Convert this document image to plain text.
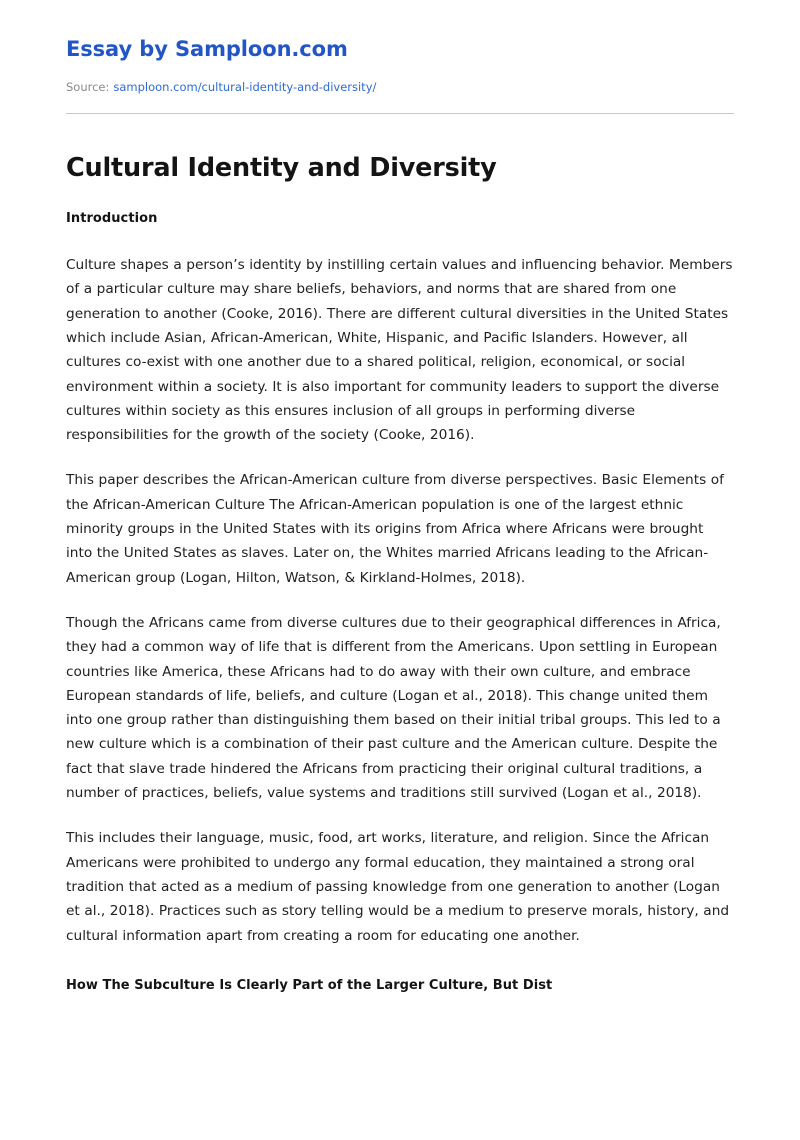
Essay by Samploon.com
Source: samploon.com/cultural-identity-and-diversity/
Cultural Identity and Diversity
Introduction

Culture shapes a person’s identity by instilling certain values and influencing behavior. Members of a particular culture may share beliefs, behaviors, and norms that are shared from one generation to another (Cooke, 2016). There are different cultural diversities in the United States which include Asian, African-American, White, Hispanic, and Pacific Islanders. However, all cultures co-exist with one another due to a shared political, religion, economical, or social environment within a society. It is also important for community leaders to support the diverse cultures within society as this ensures inclusion of all groups in performing diverse responsibilities for the growth of the society (Cooke, 2016).

This paper describes the African-American culture from diverse perspectives. Basic Elements of the African-American Culture The African-American population is one of the largest ethnic minority groups in the United States with its origins from Africa where Africans were brought into the United States as slaves. Later on, the Whites married Africans leading to the African-American group (Logan, Hilton, Watson, & Kirkland-Holmes, 2018).

Though the Africans came from diverse cultures due to their geographical differences in Africa, they had a common way of life that is different from the Americans. Upon settling in European countries like America, these Africans had to do away with their own culture, and embrace European standards of life, beliefs, and culture (Logan et al., 2018). This change united them into one group rather than distinguishing them based on their initial tribal groups. This led to a new culture which is a combination of their past culture and the American culture. Despite the fact that slave trade hindered the Africans from practicing their original cultural traditions, a number of practices, beliefs, value systems and traditions still survived (Logan et al., 2018).

This includes their language, music, food, art works, literature, and religion. Since the African Americans were prohibited to undergo any formal education, they maintained a strong oral tradition that acted as a medium of passing knowledge from one generation to another (Logan et al., 2018). Practices such as story telling would be a medium to preserve morals, history, and cultural information apart from creating a room for educating one another.

How The Subculture Is Clearly Part of the Larger Culture, But Dist
